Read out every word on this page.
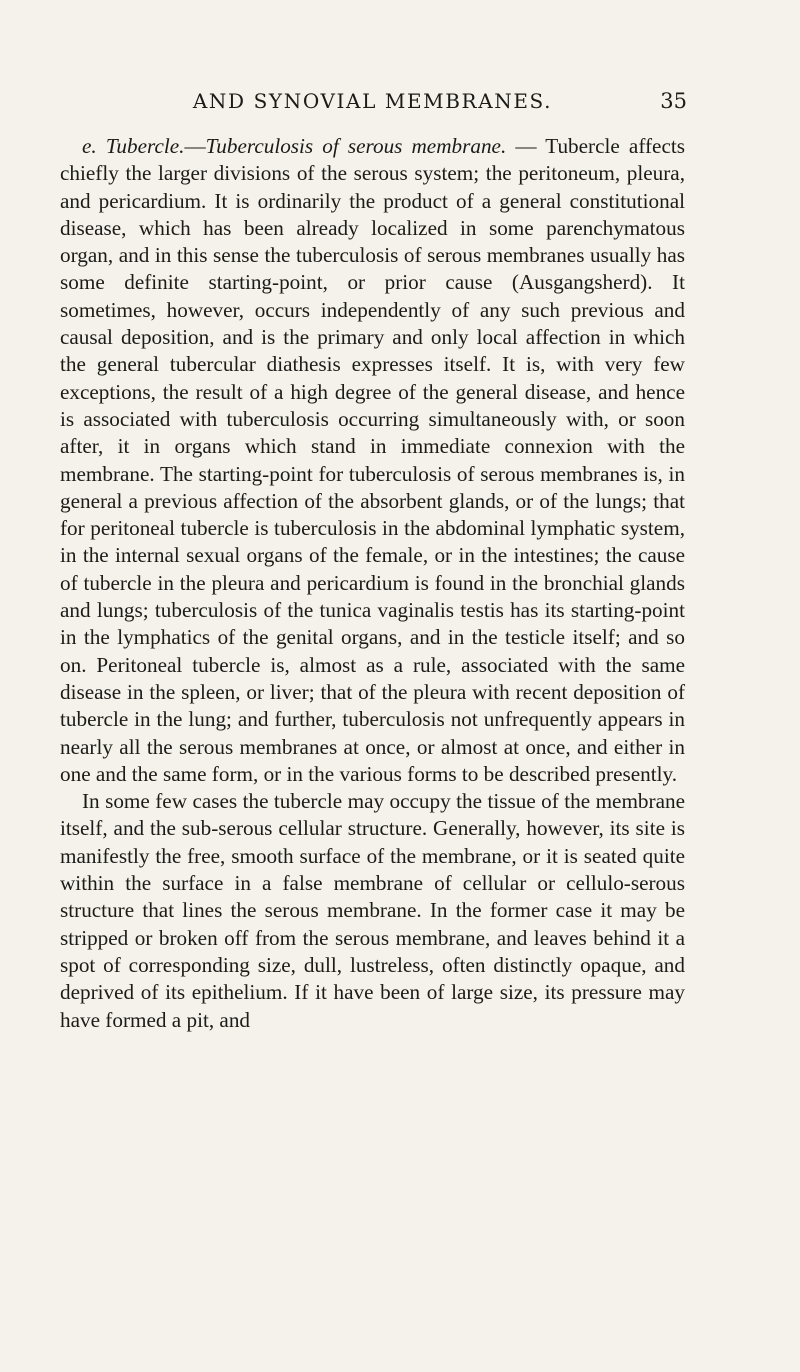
AND SYNOVIAL MEMBRANES.	35

e. Tubercle.—Tuberculosis of serous membrane. — Tubercle affects chiefly the larger divisions of the serous system; the peritoneum, pleura, and pericardium. It is ordinarily the product of a general constitutional disease, which has been already localized in some parenchymatous organ, and in this sense the tuberculosis of serous membranes usually has some definite starting-point, or prior cause (Ausgangsherd). It sometimes, however, occurs independently of any such previous and causal deposition, and is the primary and only local affection in which the general tubercular diathesis expresses itself. It is, with very few exceptions, the result of a high degree of the general disease, and hence is associated with tuberculosis occurring simultaneously with, or soon after, it in organs which stand in immediate connexion with the membrane. The starting-point for tuberculosis of serous membranes is, in general a previous affection of the absorbent glands, or of the lungs; that for peritoneal tubercle is tuberculosis in the abdominal lymphatic system, in the internal sexual organs of the female, or in the intestines; the cause of tubercle in the pleura and pericardium is found in the bronchial glands and lungs; tuberculosis of the tunica vaginalis testis has its starting-point in the lymphatics of the genital organs, and in the testicle itself; and so on. Peritoneal tubercle is, almost as a rule, associated with the same disease in the spleen, or liver; that of the pleura with recent deposition of tubercle in the lung; and further, tuberculosis not unfrequently appears in nearly all the serous membranes at once, or almost at once, and either in one and the same form, or in the various forms to be described presently.

In some few cases the tubercle may occupy the tissue of the membrane itself, and the sub-serous cellular structure. Generally, however, its site is manifestly the free, smooth surface of the membrane, or it is seated quite within the surface in a false membrane of cellular or cellulo-serous structure that lines the serous membrane. In the former case it may be stripped or broken off from the serous membrane, and leaves behind it a spot of corresponding size, dull, lustreless, often distinctly opaque, and deprived of its epithelium. If it have been of large size, its pressure may have formed a pit, and
